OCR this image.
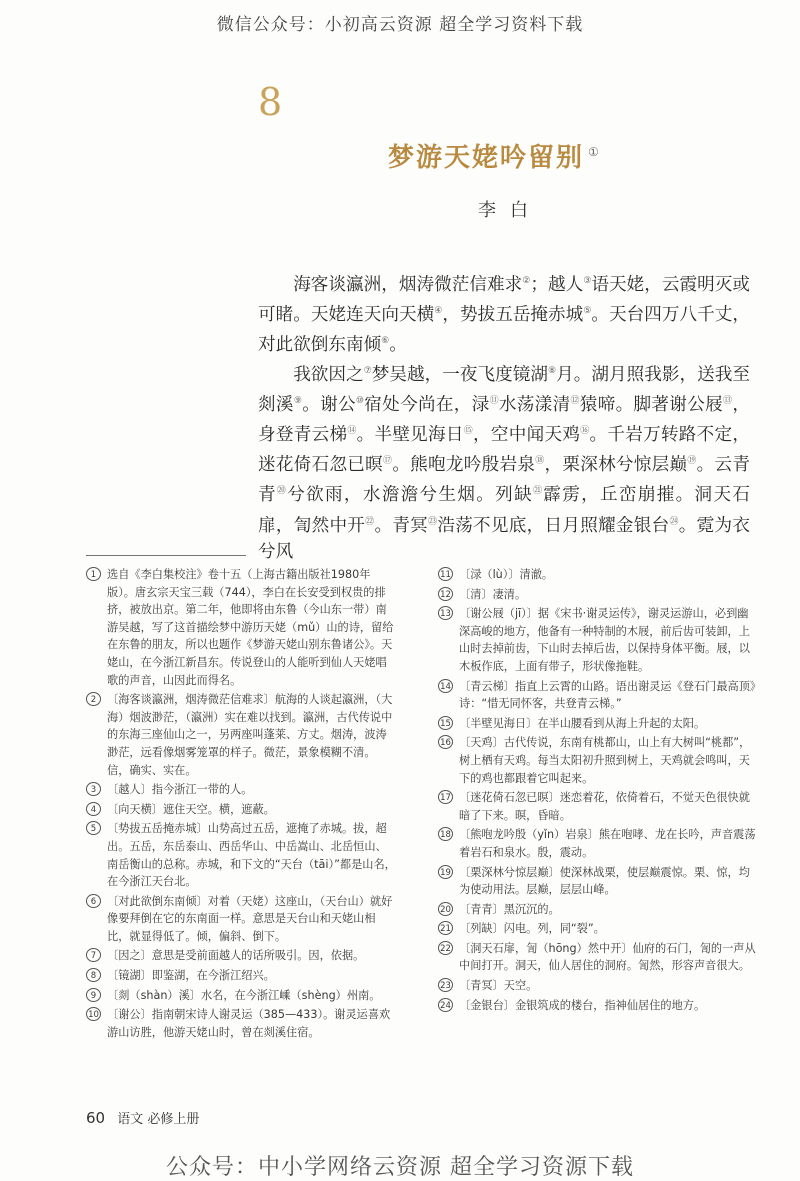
微信公众号：小初高云资源 超全学习资料下载
8
梦游天姥吟留别 ①
李白

海客谈瀛洲，烟涛微茫信难求②；越人③语天姥，云霞明灭或可睹。天姥连天向天横④，势拔五岳掩赤城⑤。天台四万八千丈，对此欲倒东南倾⑥。

我欲因之⑦梦吴越，一夜飞度镜湖⑧月。湖月照我影，送我至剡溪⑨。谢公⑩宿处今尚在，渌⑪水荡漾清⑫猿啼。脚著谢公屐⑬，身登青云梯⑭。半壁见海日⑮，空中闻天鸡⑯。千岩万转路不定，迷花倚石忽已暝⑰。熊咆龙吟殷岩泉⑱，栗深林兮惊层巅⑲。云青青⑳兮欲雨，水澹澹兮生烟。列缺$^㉑$霹雳，丘峦崩摧。洞天石扉，訇然中开$^㉒$。青冥$^㉓$浩荡不见底，日月照耀金银台$^㉔$。霓为衣兮风

1 选自《李白集校注》卷十五（上海古籍出版社1980年版）。唐玄宗天宝三载（744），李白在长安受到权贵的排挤，被放出京。第二年，他即将由东鲁（今山东一带）南游吴越，写了这首描绘梦中游历天姥（mǔ）山的诗，留给在东鲁的朋友，所以也题作《梦游天姥山别东鲁诸公》。天姥山，在今浙江新昌东。传说登山的人能听到仙人天姥唱歌的声音，山因此而得名。
2 〔海客谈瀛洲，烟涛微茫信难求〕航海的人谈起瀛洲，（大海）烟波渺茫，（瀛洲）实在难以找到。瀛洲，古代传说中的东海三座仙山之一，另两座叫蓬莱、方丈。烟涛，波涛渺茫，远看像烟雾笼罩的样子。微茫，景象模糊不清。信，确实、实在。
3 〔越人〕指今浙江一带的人。
4 〔向天横〕遮住天空。横，遮蔽。
5 〔势拔五岳掩赤城〕山势高过五岳，遮掩了赤城。拔，超出。五岳，东岳泰山、西岳华山、中岳嵩山、北岳恒山、南岳衡山的总称。赤城，和下文的“天台（tāi）”都是山名，在今浙江天台北。
6 〔对此欲倒东南倾〕对着（天姥）这座山，（天台山）就好像要拜倒在它的东南面一样。意思是天台山和天姥山相比，就显得低了。倾，偏斜、倒下。
7 〔因之〕意思是受前面越人的话所吸引。因，依据。
8 〔镜湖〕即鉴湖，在今浙江绍兴。
9 〔剡（shàn）溪〕水名，在今浙江嵊（shèng）州南。
10 〔谢公〕指南朝宋诗人谢灵运（385—433）。谢灵运喜欢游山访胜，他游天姥山时，曾在剡溪住宿。
11 〔渌（lù）〕清澈。
12 〔清〕凄清。
13 〔谢公屐（jī）〕据《宋书·谢灵运传》，谢灵运游山，必到幽深高峻的地方，他备有一种特制的木屐，前后齿可装卸，上山时去掉前齿，下山时去掉后齿，以保持身体平衡。屐，以木板作底，上面有带子，形状像拖鞋。
14 〔青云梯〕指直上云霄的山路。语出谢灵运《登石门最高顶》诗：“惜无同怀客，共登青云梯。”
15 〔半壁见海日〕在半山腰看到从海上升起的太阳。
16 〔天鸡〕古代传说，东南有桃都山，山上有大树叫“桃都”，树上栖有天鸡。每当太阳初升照到树上，天鸡就会鸣叫，天下的鸡也都跟着它叫起来。
17 〔迷花倚石忽已暝〕迷恋着花，依倚着石，不觉天色很快就暗了下来。暝，昏暗。
18 〔熊咆龙吟殷（yǐn）岩泉〕熊在咆哮、龙在长吟，声音震荡着岩石和泉水。殷，震动。
19 〔栗深林兮惊层巅〕使深林战栗，使层巅震惊。栗、惊，均为使动用法。层巅，层层山峰。
20 〔青青〕黑沉沉的。
21 〔列缺〕闪电。列，同“裂”。
22 〔洞天石扉，訇（hōng）然中开〕仙府的石门，訇的一声从中间打开。洞天，仙人居住的洞府。訇然，形容声音很大。
23 〔青冥〕天空。
24 〔金银台〕金银筑成的楼台，指神仙居住的地方。
60 语文 必修上册
公众号：中小学网络云资源 超全学习资源下载
